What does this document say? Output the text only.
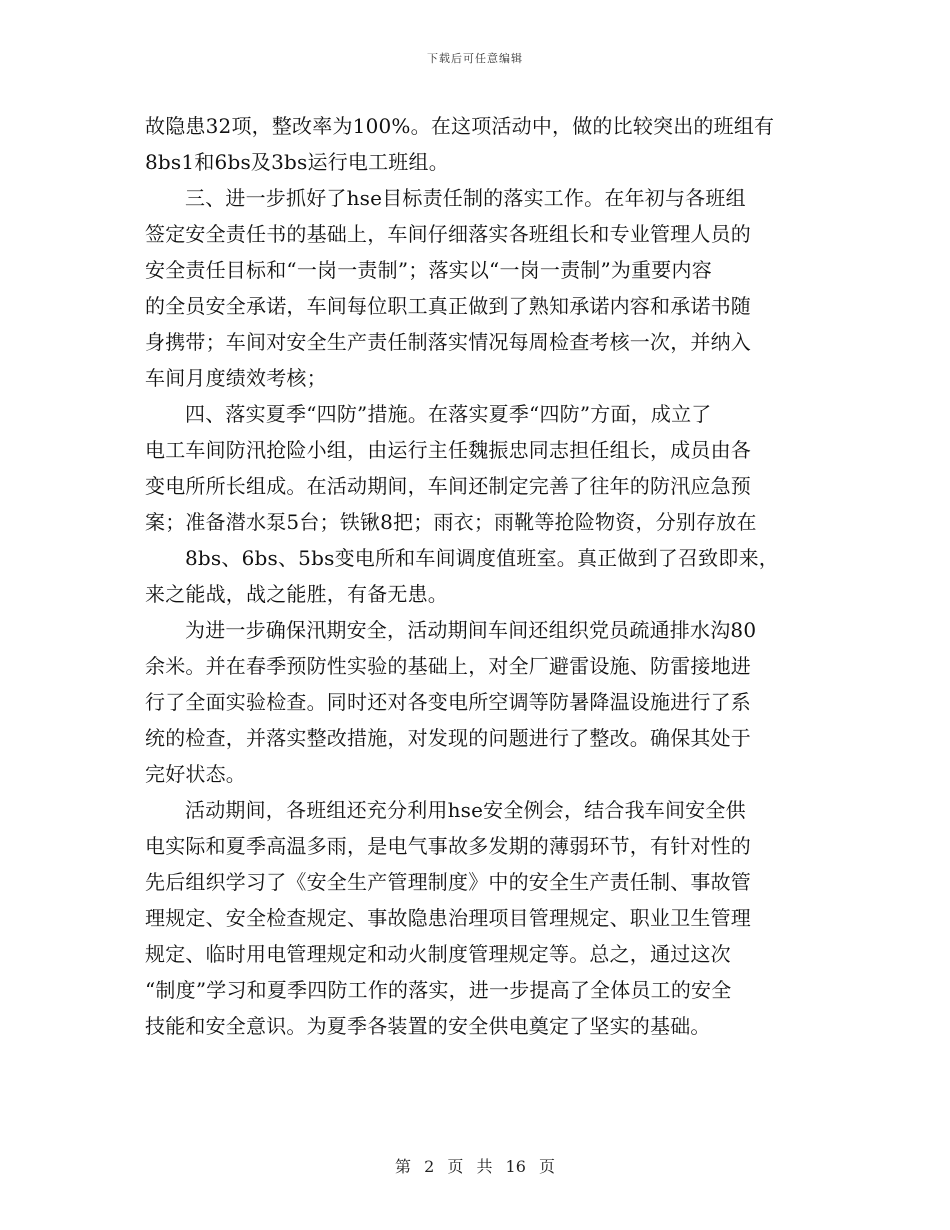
下载后可任意编辑
故隐患32项，整改率为100%。在这项活动中，做的比较突出的班组有
8bs1和6bs及3bs运行电工班组。
三、进一步抓好了hse目标责任制的落实工作。在年初与各班组
签定安全责任书的基础上，车间仔细落实各班组长和专业管理人员的
安全责任目标和“一岗一责制”；落实以“一岗一责制”为重要内容
的全员安全承诺，车间每位职工真正做到了熟知承诺内容和承诺书随
身携带；车间对安全生产责任制落实情况每周检查考核一次，并纳入
车间月度绩效考核；
四、落实夏季“四防”措施。在落实夏季“四防”方面，成立了
电工车间防汛抢险小组，由运行主任魏振忠同志担任组长，成员由各
变电所所长组成。在活动期间，车间还制定完善了往年的防汛应急预
案；准备潜水泵5台；铁锹8把；雨衣；雨靴等抢险物资，分别存放在
8bs、6bs、5bs变电所和车间调度值班室。真正做到了召致即来，
来之能战，战之能胜，有备无患。
为进一步确保汛期安全，活动期间车间还组织党员疏通排水沟80
余米。并在春季预防性实验的基础上，对全厂避雷设施、防雷接地进
行了全面实验检查。同时还对各变电所空调等防暑降温设施进行了系
统的检查，并落实整改措施，对发现的问题进行了整改。确保其处于
完好状态。
活动期间，各班组还充分利用hse安全例会，结合我车间安全供
电实际和夏季高温多雨，是电气事故多发期的薄弱环节，有针对性的
先后组织学习了《安全生产管理制度》中的安全生产责任制、事故管
理规定、安全检查规定、事故隐患治理项目管理规定、职业卫生管理
规定、临时用电管理规定和动火制度管理规定等。总之，通过这次
“制度”学习和夏季四防工作的落实，进一步提高了全体员工的安全
技能和安全意识。为夏季各装置的安全供电奠定了坚实的基础。
第 2 页 共 16 页
